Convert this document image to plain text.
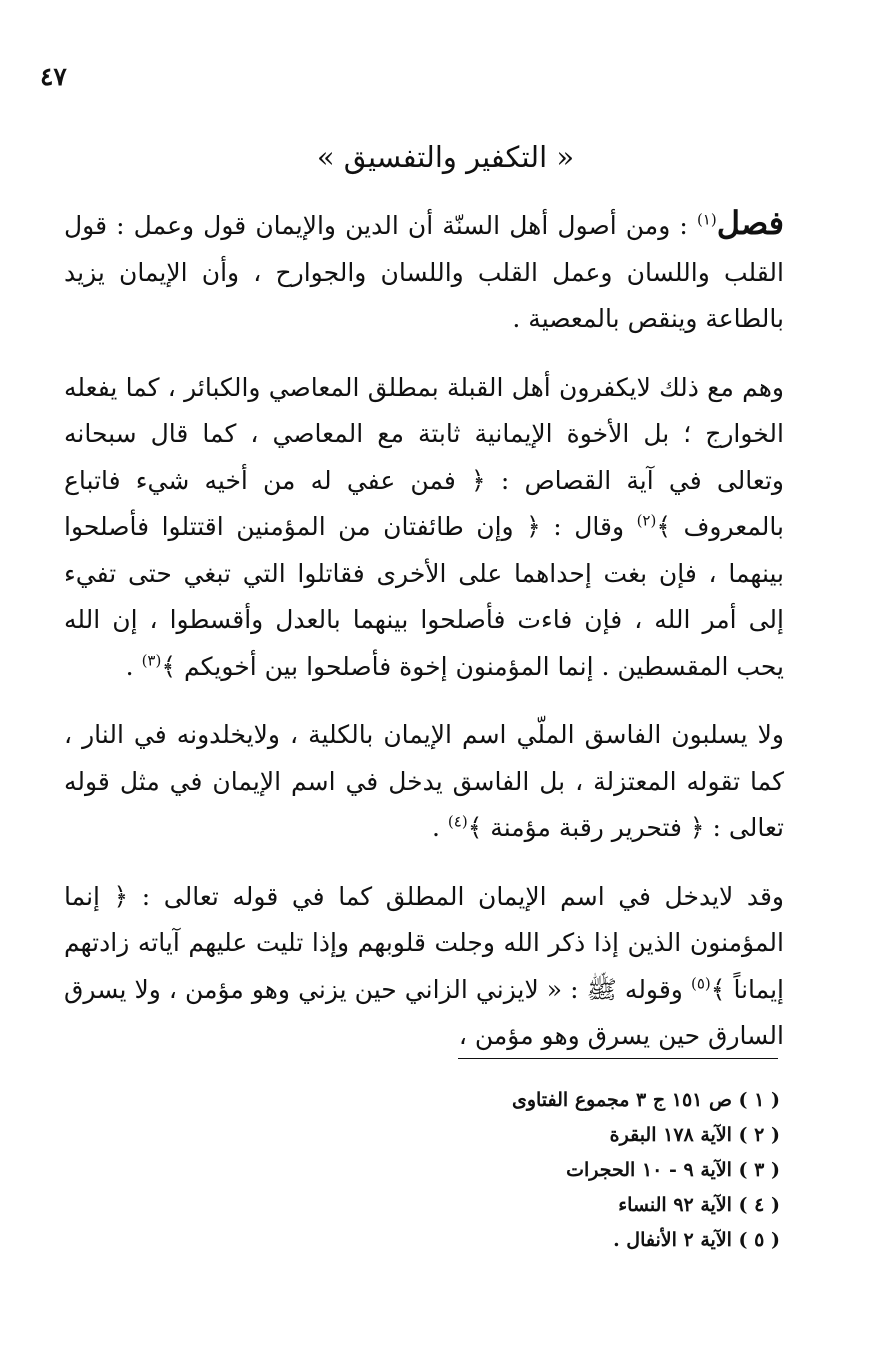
٤٧
« التكفير والتفسيق »

فصل$^{(١)}$ : ومن أصول أهل السنّة أن الدين والإيمان قول وعمل : قول القلب واللسان وعمل القلب واللسان والجوارح ، وأن الإيمان يزيد بالطاعة وينقص بالمعصية .

وهم مع ذلك لايكفرون أهل القبلة بمطلق المعاصي والكبائر ، كما يفعله الخوارج ؛ بل الأخوة الإيمانية ثابتة مع المعاصي ، كما قال سبحانه وتعالى في آية القصاص : ﴿ فمن عفي له من أخيه شيء فاتباع بالمعروف ﴾$^{(٢)}$ وقال : ﴿ وإن طائفتان من المؤمنين اقتتلوا فأصلحوا بينهما ، فإن بغت إحداهما على الأخرى فقاتلوا التي تبغي حتى تفيء إلى أمر الله ، فإن فاءت فأصلحوا بينهما بالعدل وأقسطوا ، إن الله يحب المقسطين . إنما المؤمنون إخوة فأصلحوا بين أخويكم ﴾$^{(٣)}$ .

ولا يسلبون الفاسق الملّي اسم الإيمان بالكلية ، ولايخلدونه في النار ، كما تقوله المعتزلة ، بل الفاسق يدخل في اسم الإيمان في مثل قوله تعالى : ﴿ فتحرير رقبة مؤمنة ﴾$^{(٤)}$ .

وقد لايدخل في اسم الإيمان المطلق كما في قوله تعالى : ﴿ إنما المؤمنون الذين إذا ذكر الله وجلت قلوبهم وإذا تليت عليهم آياته زادتهم إيماناً ﴾$^{(٥)}$ وقوله ﷺ : « لايزني الزاني حين يزني وهو مؤمن ، ولا يسرق السارق حين يسرق وهو مؤمن ،

( ١ ) ص ١٥١ ج ٣ مجموع الفتاوى

( ٢ ) الآية ١٧٨ البقرة

( ٣ ) الآية ٩ - ١٠ الحجرات

( ٤ ) الآية ٩٢ النساء

( ٥ ) الآية ٢ الأنفال .
